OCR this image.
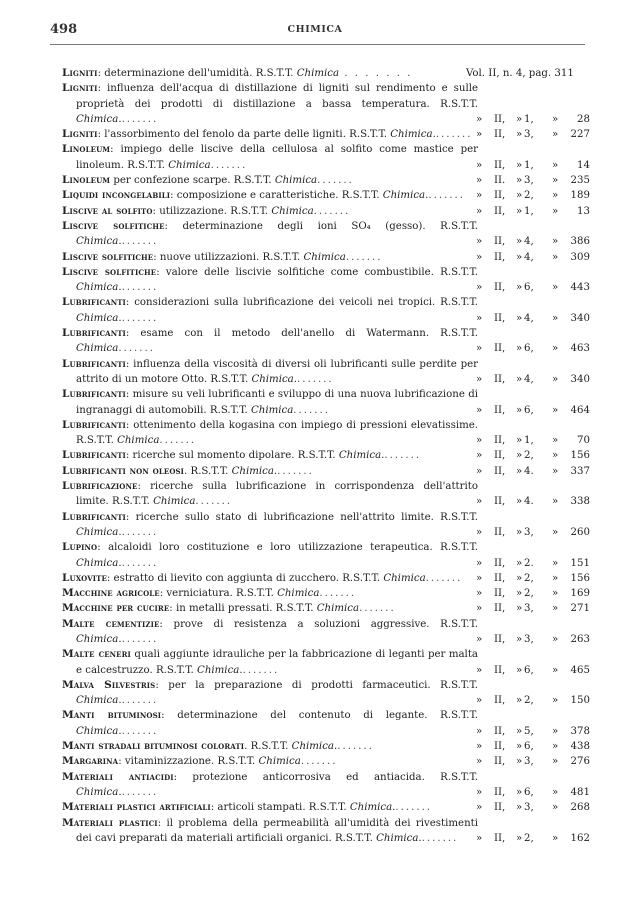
498	CHIMICA
Ligniti: determinazione dell'umidità. R.S.T.T. Chimica . . . . . . .	Vol. II, n. 4, pag. 311
Ligniti: influenza dell'acqua di distillazione di ligniti sul rendimento e sulle proprietà dei prodotti di distillazione a bassa temperatura. R.S.T.T. Chimica........	» II, » 1, » 28
Ligniti: l'assorbimento del fenolo da parte delle ligniti. R.S.T.T. Chimica........ » II, » 3, » 227
Linoleum: impiego delle liscive della cellulosa al solfito come mastice per linoleum. R.S.T.T. Chimica.......	» II, » 1, » 14
Linoleum per confezione scarpe. R.S.T.T. Chimica.......	» II. » 3, » 235
Liquidi incongelabili: composizione e caratteristiche. R.S.T.T. Chimica........	» II, » 2, » 189
Liscive al solfito: utilizzazione. R.S.T.T. Chimica.......	» II, » 1, » 13
Liscive solfitiche: determinazione degli ioni SO₄ (gesso). R.S.T.T. Chimica........	» II, » 4, » 386
Liscive solfitiche: nuove utilizzazioni. R.S.T.T. Chimica.......	» II, » 4, » 309
Liscive solfitiche: valore delle liscivie solfitiche come combustibile. R.S.T.T. Chimica........	» II, » 6, » 443
Lubrificanti: considerazioni sulla lubrificazione dei veicoli nei tropici. R.S.T.T. Chimica........	» II, » 4, » 340
Lubrificanti: esame con il metodo dell'anello di Watermann. R.S.T.T. Chimica.......	» II, » 6, » 463
Lubrificanti: influenza della viscosità di diversi oli lubrificanti sulle perdite per attrito di un motore Otto. R.S.T.T. Chimica........	» II, » 4, » 340
Lubrificanti: misure su veli lubrificanti e sviluppo di una nuova lubrificazione di ingranaggi di automobili. R.S.T.T. Chimica.......	» II, » 6, » 464
Lubrificanti: ottenimento della kogasina con impiego di pressioni elevatissime. R.S.T.T. Chimica.......	» II, » 1, » 70
Lubrificanti: ricerche sul momento dipolare. R.S.T.T. Chimica........	» II, » 2, » 156
Lubrificanti non oleosi. R.S.T.T. Chimica........	» II, » 4. » 337
Lubrificazione: ricerche sulla lubrificazione in corrispondenza dell'attrito limite. R.S.T.T. Chimica.......	» II, » 4. » 338
Lubrificanti: ricerche sullo stato di lubrificazione nell'attrito limite. R.S.T.T. Chimica........	» II, » 3, » 260
Lupino: alcaloidi loro costituzione e loro utilizzazione terapeutica. R.S.T.T. Chimica........	» II, » 2. » 151
Luxovite: estratto di lievito con aggiunta di zucchero. R.S.T.T. Chimica.......	» II, » 2, » 156
Macchine agricole: verniciatura. R.S.T.T. Chimica.......	» II, » 2, » 169
Macchine per cucire: in metalli pressati. R.S.T.T. Chimica.......	» II, » 3, » 271
Malte cementizie: prove di resistenza a soluzioni aggressive. R.S.T.T. Chimica........	» II, » 3, » 263
Malte ceneri quali aggiunte idrauliche per la fabbricazione di leganti per malta e calcestruzzo. R.S.T.T. Chimica........	» II, » 6, » 465
Malva Silvestris: per la preparazione di prodotti farmaceutici. R.S.T.T. Chimica........	» II, » 2, » 150
Manti bituminosi: determinazione del contenuto di legante. R.S.T.T. Chimica........	» II, » 5, » 378
Manti stradali bituminosi colorati. R.S.T.T. Chimica........	» II, » 6, » 438
Margarina: vitaminizzazione. R.S.T.T. Chimica.......	» II, » 3, » 276
Materiali antiacidi: protezione anticorrosiva ed antiacida. R.S.T.T. Chimica........	» II, » 6, » 481
Materiali plastici artificiali: articoli stampati. R.S.T.T. Chimica........	» II, » 3, » 268
Materiali plastici: il problema della permeabilità all'umidità dei rivestimenti dei cavi preparati da materiali artificiali organici. R.S.T.T. Chimica........	» II, » 2, » 162
